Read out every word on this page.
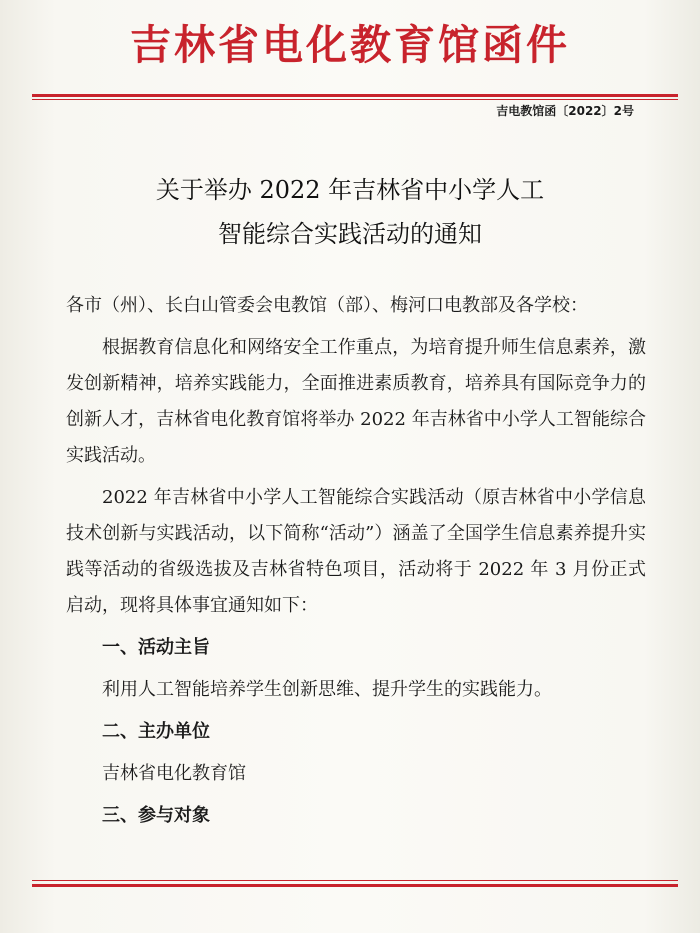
吉林省电化教育馆函件
吉电教馆函〔2022〕2号
关于举办 2022 年吉林省中小学人工
智能综合实践活动的通知

各市（州）、长白山管委会电教馆（部）、梅河口电教部及各学校：

根据教育信息化和网络安全工作重点，为培育提升师生信息素养，激发创新精神，培养实践能力，全面推进素质教育，培养具有国际竞争力的创新人才，吉林省电化教育馆将举办 2022 年吉林省中小学人工智能综合实践活动。

2022 年吉林省中小学人工智能综合实践活动（原吉林省中小学信息技术创新与实践活动，以下简称“活动”）涵盖了全国学生信息素养提升实践等活动的省级选拔及吉林省特色项目，活动将于 2022 年 3 月份正式启动，现将具体事宜通知如下：

一、活动主旨

利用人工智能培养学生创新思维、提升学生的实践能力。

二、主办单位

吉林省电化教育馆

三、参与对象
